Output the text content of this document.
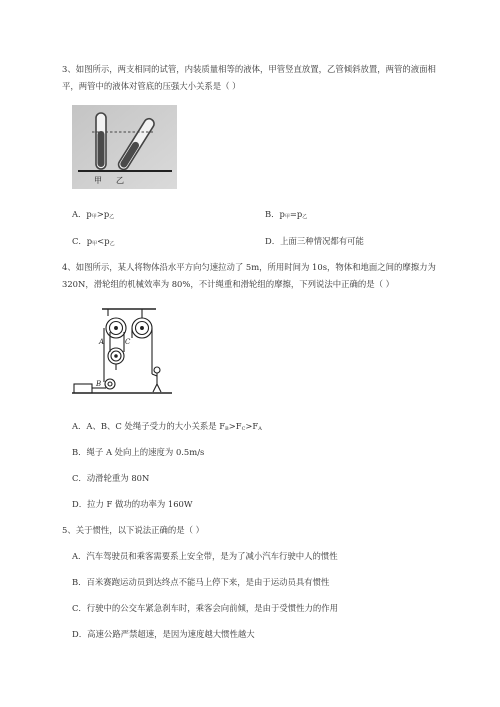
3、如图所示，两支相同的试管，内装质量相等的液体，甲管竖直放置，乙管倾斜放置，两管的液面相
平，两管中的液体对管底的压强大小关系是（ ）
甲 乙
A．$p_甲>p_乙$	B．$p_甲=p_乙$
C．$p_甲<p_乙$	D．上面三种情况都有可能
4、如图所示，某人将物体沿水平方向匀速拉动了 5m，所用时间为 10s，物体和地面之间的摩擦力为
320N，滑轮组的机械效率为 80%，不计绳重和滑轮组的摩擦，下列说法中正确的是（ ）
A	C
B
A．A、B、C 处绳子受力的大小关系是 $F_B>F_C>F_A$
B．绳子 A 处向上的速度为 0.5m/s
C．动滑轮重为 80N
D．拉力 F 做功的功率为 160W
5、关于惯性，以下说法正确的是（ ）
A．汽车驾驶员和乘客需要系上安全带，是为了减小汽车行驶中人的惯性
B．百米赛跑运动员到达终点不能马上停下来，是由于运动员具有惯性
C．行驶中的公交车紧急刹车时，乘客会向前倾，是由于受惯性力的作用
D．高速公路严禁超速，是因为速度越大惯性越大
